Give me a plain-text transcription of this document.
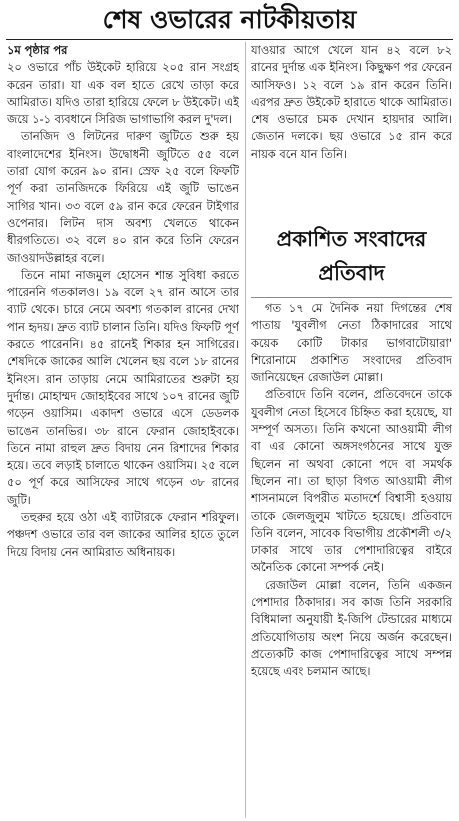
শেষ ওভারের নাটকীয়তায়

১ম পৃষ্ঠার পর

২০ ওভারে পাঁচ উইকেট হারিয়ে ২০৫ রান সংগ্রহ করেন তারা। যা এক বল হাতে রেখে তাড়া করে আমিরাত। যদিও তারা হারিয়ে ফেলে ৮ উইকেট। এই জয়ে ১-১ ব্যবধানে সিরিজ ভাগাভাগি করল দু'দল।

তানজিদ ও লিটনের দারুণ জুটিতে শুরু হয় বাংলাদেশের ইনিংস। উদ্বোধনী জুটিতে ৫৫ বলে তারা যোগ করেন ৯০ রান। স্রেফ ২৫ বলে ফিফটি পূর্ণ করা তানজিদকে ফিরিয়ে এই জুটি ভাঙেন সাগির খান। ৩৩ বলে ৫৯ রান করে ফেরেন টাইগার ওপেনার। লিটন দাস অবশ্য খেলতে থাকেন ধীরগতিতে। ৩২ বলে ৪০ রান করে তিনি ফেরেন জাওয়াদউল্লাহর বলে।

তিনে নামা নাজমুল হোসেন শান্ত সুবিধা করতে পারেননি গতকালও। ১৯ বলে ২৭ রান আসে তার ব্যাট থেকে। চারে নেমে অবশ্য গতকাল রানের দেখা পান হৃদয়। দ্রুত ব্যাট চালান তিনি। যদিও ফিফটি পূর্ণ করতে পারেননি। ৪৫ রানেই শিকার হন সাগিরের। শেষদিকে জাকের আলি খেলেন ছয় বলে ১৮ রানের ইনিংস। রান তাড়ায় নেমে আমিরাতের শুরুটা হয় দুর্দান্ত। মোহাম্মদ জোহাইবের সাথে ১০৭ রানের জুটি গড়েন ওয়াসিম। একাদশ ওভারে এসে ডেডলক ভাঙেন তানভির। ৩৮ রানে ফেরান জোহাইবকে। তিনে নামা রাহুল দ্রুত বিদায় নেন রিশাদের শিকার হয়ে। তবে লড়াই চালাতে থাকেন ওয়াসিম। ২৫ বলে ৫০ পূর্ণ করে আসিফের সাথে গড়েন ৩৮ রানের জুটি।

তহুরুর হয়ে ওঠা এই ব্যাটারকে ফেরান শরিফুল। পঞ্চদশ ওভারে তার বল জাকের আলির হাতে তুলে দিয়ে বিদায় নেন আমিরাত অধিনায়ক।

যাওয়ার আগে খেলে যান ৪২ বলে ৮২ রানের দুর্দান্ত এক ইনিংস। কিছুক্ষণ পর ফেরেন আসিফও। ১২ বলে ১৯ রান করেন তিনি। এরপর দ্রুত উইকেট হারাতে থাকে আমিরাত। শেষ ওভারে চমক দেখান হায়দার আলি। জেতান দলকে। ছয় ওভারে ১৫ রান করে নায়ক বনে যান তিনি।

প্রকাশিত সংবাদের প্রতিবাদ

গত ১৭ মে দৈনিক নয়া দিগন্তের শেষ পাতায় 'যুবলীগ নেতা ঠিকাদারের সাথে কয়েক কোটি টাকার ভাগবাটোয়ারা' শিরোনামে প্রকাশিত সংবাদের প্রতিবাদ জানিয়েছেন রেজাউল মোল্লা।

প্রতিবাদে তিনি বলেন, প্রতিবেদনে তাকে যুবলীগ নেতা হিসেবে চিহ্নিত করা হয়েছে, যা সম্পূর্ণ অসত্য। তিনি কখনো আওয়ামী লীগ বা এর কোনো অঙ্গসংগঠনের সাথে যুক্ত ছিলেন না অথবা কোনো পদে বা সমর্থক ছিলেন না। তা ছাড়া বিগত আওয়ামী লীগ শাসনামলে বিপরীত মতাদর্শে বিশ্বাসী হওয়ায় তাকে জেলজুলুম খাটতে হয়েছে। প্রতিবাদে তিনি বলেন, সাবেক বিভাগীয় প্রকৌশলী ৩/২ ঢাকার সাথে তার পেশাদারিত্বের বাইরে অনৈতিক কোনো সম্পর্ক নেই।

রেজাউল মোল্লা বলেন, তিনি একজন পেশাদার ঠিকাদার। সব কাজ তিনি সরকারি বিধিমালা অনুযায়ী ই-জিপি টেন্ডারের মাধ্যমে প্রতিযোগিতায় অংশ নিয়ে অর্জন করেছেন। প্রত্যেকটি কাজ পেশাদারিত্বের সাথে সম্পন্ন হয়েছে এবং চলমান আছে।
